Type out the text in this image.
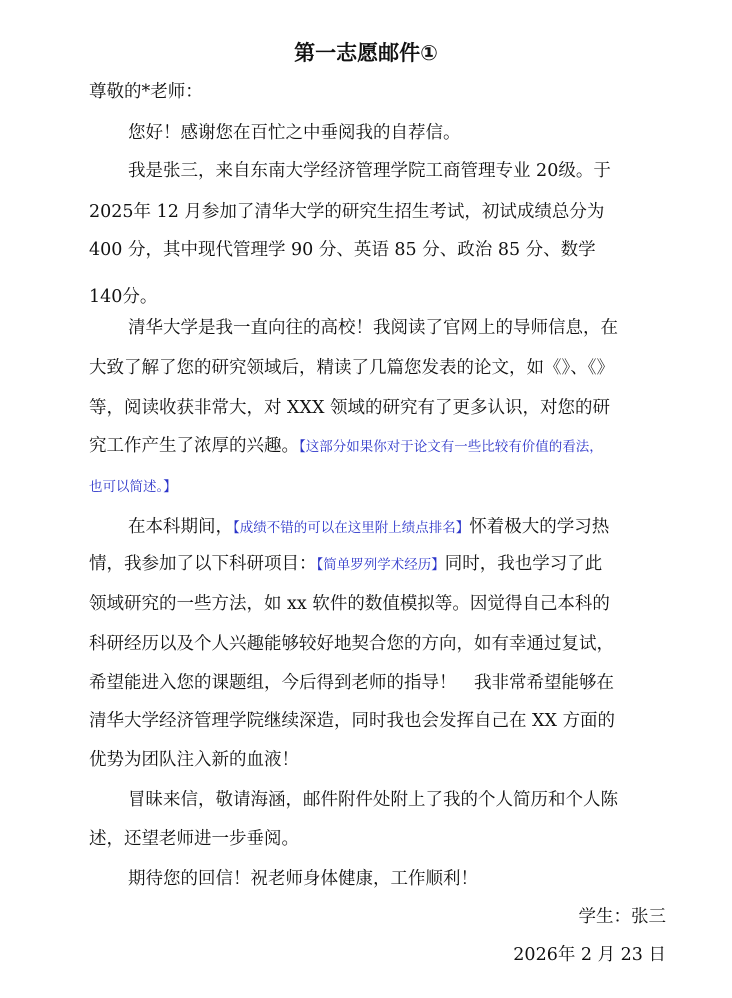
第一志愿邮件①
尊敬的*老师：
您好！感谢您在百忙之中垂阅我的自荐信。
我是张三，来自东南大学经济管理学院工商管理专业 20级。于
2025年 12 月参加了清华大学的研究生招生考试，初试成绩总分为
400 分，其中现代管理学 90 分、英语 85 分、政治 85 分、数学
140分。
清华大学是我一直向往的高校！我阅读了官网上的导师信息，在
大致了解了您的研究领域后，精读了几篇您发表的论文，如《》、《》
等，阅读收获非常大，对 XXX 领域的研究有了更多认识，对您的研
究工作产生了浓厚的兴趣。【这部分如果你对于论文有一些比较有价值的看法，
也可以简述。】
在本科期间，【成绩不错的可以在这里附上绩点排名】怀着极大的学习热
情，我参加了以下科研项目：【简单罗列学术经历】同时，我也学习了此
领域研究的一些方法，如 xx 软件的数值模拟等。因觉得自己本科的
科研经历以及个人兴趣能够较好地契合您的方向，如有幸通过复试，
希望能进入您的课题组，今后得到老师的指导！　我非常希望能够在
清华大学经济管理学院继续深造，同时我也会发挥自己在 XX 方面的
优势为团队注入新的血液！
冒昧来信，敬请海涵，邮件附件处附上了我的个人简历和个人陈
述，还望老师进一步垂阅。
期待您的回信！祝老师身体健康，工作顺利！
学生：张三
2026年 2 月 23 日
